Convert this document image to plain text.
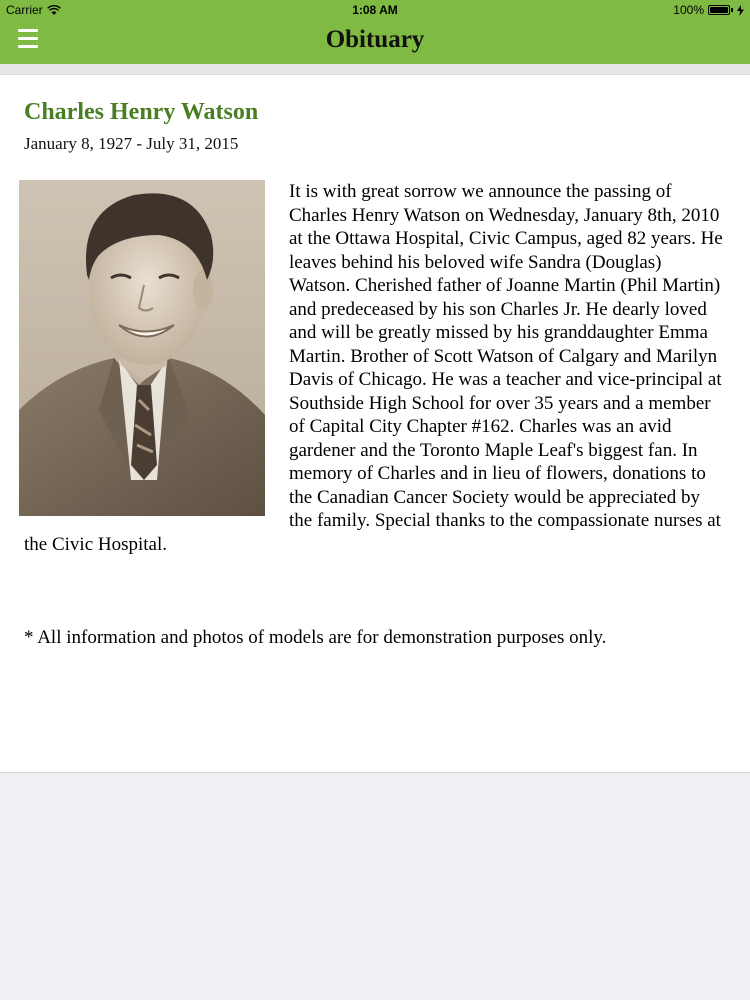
Carrier	1:08 AM	100%
Obituary
Charles Henry Watson
January 8, 1927 - July 31, 2015
It is with great sorrow we announce the passing of Charles Henry Watson on Wednesday, January 8th, 2010 at the Ottawa Hospital, Civic Campus, aged 82 years. He leaves behind his beloved wife Sandra (Douglas) Watson. Cherished father of Joanne Martin (Phil Martin) and predeceased by his son Charles Jr. He dearly loved and will be greatly missed by his granddaughter Emma Martin. Brother of Scott Watson of Calgary and Marilyn Davis of Chicago. He was a teacher and vice-principal at Southside High School for over 35 years and a member of Capital City Chapter #162. Charles was an avid gardener and the Toronto Maple Leaf's biggest fan. In memory of Charles and in lieu of flowers, donations to the Canadian Cancer Society would be appreciated by the family. Special thanks to the compassionate nurses at the Civic Hospital.
* All information and photos of models are for demonstration purposes only.
